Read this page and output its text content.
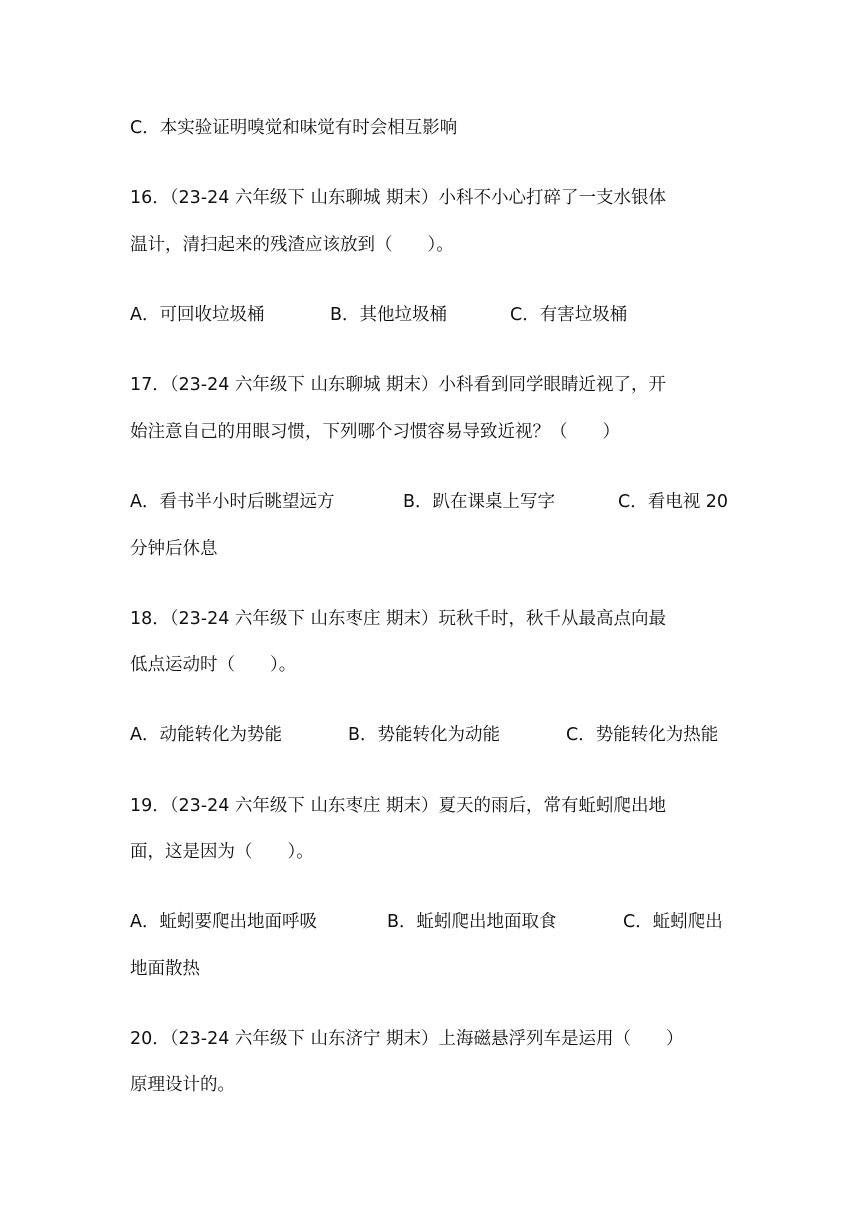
C．本实验证明嗅觉和味觉有时会相互影响
16．（23-24 六年级下 山东聊城 期末）小科不小心打碎了一支水银体
温计，清扫起来的残渣应该放到（　　）。
A．可回收垃圾桶	B．其他垃圾桶	C．有害垃圾桶
17．（23-24 六年级下 山东聊城 期末）小科看到同学眼睛近视了，开
始注意自己的用眼习惯，下列哪个习惯容易导致近视？（　　）
A．看书半小时后眺望远方	B．趴在课桌上写字	C．看电视 20
分钟后休息
18．（23-24 六年级下 山东枣庄 期末）玩秋千时，秋千从最高点向最
低点运动时（　　）。
A．动能转化为势能	B．势能转化为动能	C．势能转化为热能
19．（23-24 六年级下 山东枣庄 期末）夏天的雨后，常有蚯蚓爬出地
面，这是因为（　　）。
A．蚯蚓要爬出地面呼吸	B．蚯蚓爬出地面取食	C．蚯蚓爬出
地面散热
20．（23-24 六年级下 山东济宁 期末）上海磁悬浮列车是运用（　　）
原理设计的。
